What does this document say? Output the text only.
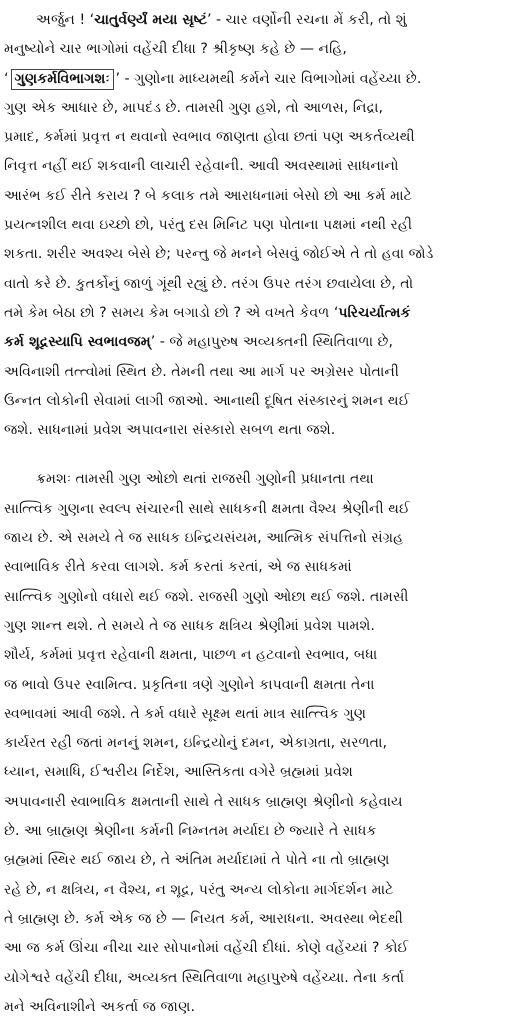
અર્જુન ! ‘ચાતુર્વર્ણ્યં મયા સૃષ્ટં’ - ચાર વર્ણોની રચના મેં કરી, તો શું
મનુષ્યોને ચાર ભાગોમાં વહેંચી દીધા ? શ્રીકૃષ્ણ કહે છે — નહિ,
‘ ગુણકર્મવિભાગશઃ ’ - ગુણોના માધ્યમથી કર્મને ચાર વિભાગોમાં વહેંચ્યા છે.
ગુણ એક આધાર છે, માપદંડ છે. તામસી ગુણ હશે, તો આળસ, નિદ્રા,
પ્રમાદ, કર્મમાં પ્રવૃત્ત ન થવાનો સ્વભાવ જાણતા હોવા છતાં પણ અકર્તવ્યથી
નિવૃત્ત નહીં થઈ શકવાની લાચારી રહેવાની. આવી અવસ્થામાં સાધનાનો
આરંભ કઈ રીતે કરાય ? બે કલાક તમે આરાધનામાં બેસો છો આ કર્મ માટે
પ્રયત્નશીલ થવા ઇચ્છો છો, પરંતુ દસ મિનિટ પણ પોતાના પક્ષમાં નથી રહી
શકતા. શરીર અવશ્ય બેસે છે; પરન્તુ જે મનને બેસવું જોઈએ તે તો હવા જોડે
વાતો કરે છે. કુતર્કોનું જાળું ગૂંથી રહ્યું છે. તરંગ ઉપર તરંગ છવાયેલા છે, તો
તમે કેમ બેઠા છો ? સમય કેમ બગાડો છો ? એ વખતે કેવળ ‘પરિચર્યાત્મકં
કર્મ શૂદ્રસ્યાપિ સ્વભાવજમ્’ - જે મહાપુરુષ અવ્યક્તની સ્થિતિવાળા છે,
અવિનાશી તત્ત્વોમાં સ્થિત છે. તેમની તથા આ માર્ગ પર અગ્રેસર પોતાની
ઉન્નત લોકોની સેવામાં લાગી જાઓ. આનાથી દૂષિત સંસ્કારનું શમન થઈ
જશે. સાધનામાં પ્રવેશ અપાવનારા સંસ્કારો સબળ થતા જશે.
ક્રમશઃ તામસી ગુણ ઓછો થતાં રાજસી ગુણોની પ્રધાનતા તથા
સાત્ત્વિક ગુણના સ્વલ્પ સંચારની સાથે સાધકની ક્ષમતા વૈશ્ય શ્રેણીની થઈ
જાય છે. એ સમયે તે જ સાધક ઇન્દ્રિયસંયમ, આત્મિક સંપત્તિનો સંગ્રહ
સ્વાભાવિક રીતે કરવા લાગશે. કર્મ કરતાં કરતાં, એ જ સાધકમાં
સાત્ત્વિક ગુણોનો વધારો થઈ જશે. રાજસી ગુણો ઓછા થઈ જશે. તામસી
ગુણ શાન્ત થશે. તે સમયે તે જ સાધક ક્ષત્રિય શ્રેણીમાં પ્રવેશ પામશે.
શૌર્ય, કર્મમાં પ્રવૃત્ત રહેવાની ક્ષમતા, પાછળ ન હટવાનો સ્વભાવ, બધા
જ ભાવો ઉપર સ્વામિત્વ. પ્રકૃતિના ત્રણે ગુણોને કાપવાની ક્ષમતા તેના
સ્વભાવમાં આવી જશે. તે કર્મ વધારે સૂક્ષ્મ થતાં માત્ર સાત્ત્વિક ગુણ
કાર્યરત રહી જતાં મનનું શમન, ઇન્દ્રિયોનું દમન, એકાગ્રતા, સરળતા,
ધ્યાન, સમાધિ, ઈશ્વરીય નિર્દેશ, આસ્તિકતા વગેરે બ્રહ્મમાં પ્રવેશ
અપાવનારી સ્વાભાવિક ક્ષમતાની સાથે તે સાધક બ્રાહ્મણ શ્રેણીનો કહેવાય
છે. આ બ્રાહ્મણ શ્રેણીના કર્મની નિમ્નતમ મર્યાદા છે જ્યારે તે સાધક
બ્રહ્મમાં સ્થિર થઈ જાય છે, તે અંતિમ મર્યાદામાં તે પોતે ના તો બ્રાહ્મણ
રહે છે, ન ક્ષત્રિય, ન વૈશ્ય, ન શૂદ્ર, પરંતુ અન્ય લોકોના માર્ગદર્શન માટે
તે બ્રાહ્મણ છે. કર્મ એક જ છે — નિયત કર્મ, આરાધના. અવસ્થા ભેદથી
આ જ કર્મ ઊંચા નીચા ચાર સોપાનોમાં વહેંચી દીધાં. કોણે વહેંચ્યાં ? કોઈ
યોગેશ્વરે વહેંચી દીધા, અવ્યક્ત સ્થિતિવાળા મહાપુરુષે વહેંચ્યા. તેના કર્તા
મને અવિનાશીને અકર્તા જ જાણ.
